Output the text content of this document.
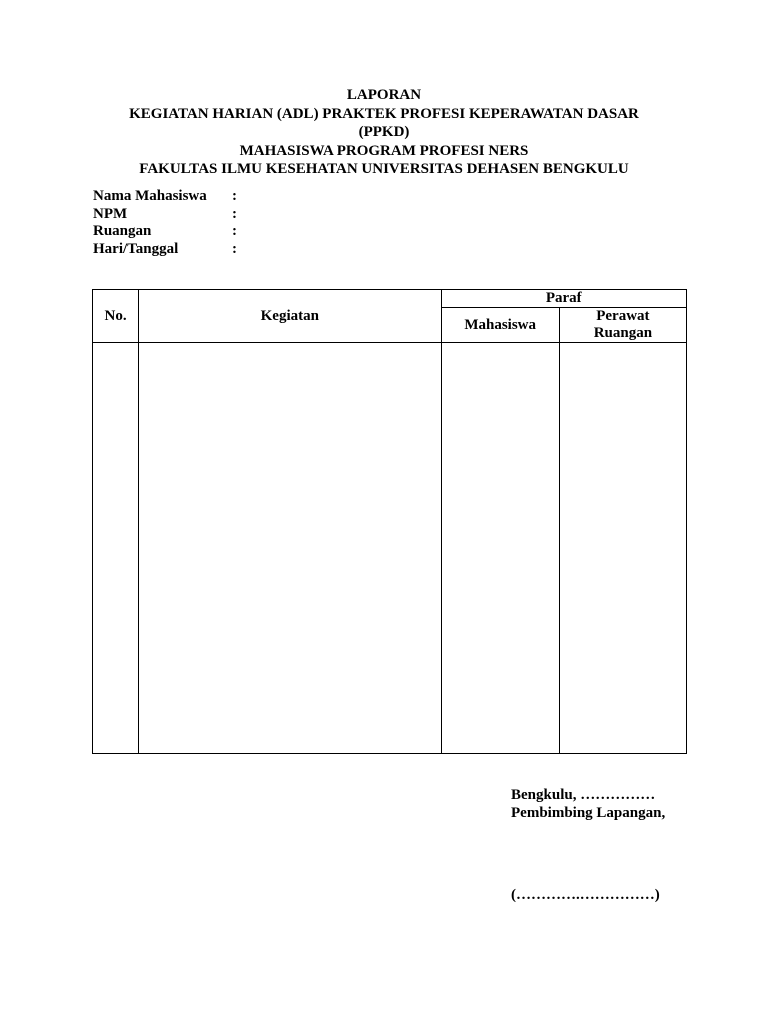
LAPORAN
KEGIATAN HARIAN (ADL) PRAKTEK PROFESI KEPERAWATAN DASAR
(PPKD)
MAHASISWA PROGRAM PROFESI NERS
FAKULTAS ILMU KESEHATAN UNIVERSITAS DEHASEN BENGKULU
Nama Mahasiswa	:
NPM	:
Ruangan	:
Hari/Tanggal	:
No.	Kegiatan	Paraf	
		Mahasiswa	Perawat
Ruangan

Bengkulu, ……………
Pembimbing Lapangan,
(………….……………)
